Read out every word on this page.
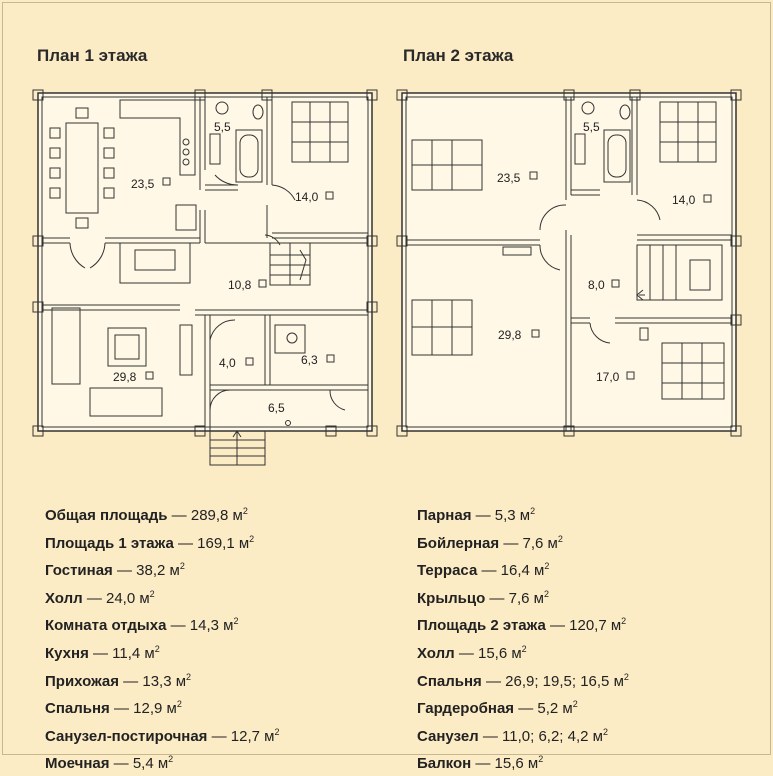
План 1 этажа	План 2 этажа
23,5
5,5
14,0
10,8
29,8
4,0	6,3
6,5
23,5
5,5
14,0
8,0
29,8
17,0
Общая площадь — 289,8 $м^2$
Площадь 1 этажа — 169,1 $м^2$
Гостиная — 38,2 $м^2$
Холл — 24,0 $м^2$
Комната отдыха — 14,3 $м^2$
Кухня — 11,4 $м^2$
Прихожая — 13,3 $м^2$
Спальня — 12,9 $м^2$
Санузел-постирочная — 12,7 $м^2$
Моечная — 5,4 $м^2$
Парная — 5,3 $м^2$
Бойлерная — 7,6 $м^2$
Терраса — 16,4 $м^2$
Крыльцо — 7,6 $м^2$
Площадь 2 этажа — 120,7 $м^2$
Холл — 15,6 $м^2$
Спальня — 26,9; 19,5; 16,5 $м^2$
Гардеробная — 5,2 $м^2$
Санузел — 11,0; 6,2; 4,2 $м^2$
Балкон — 15,6 $м^2$
